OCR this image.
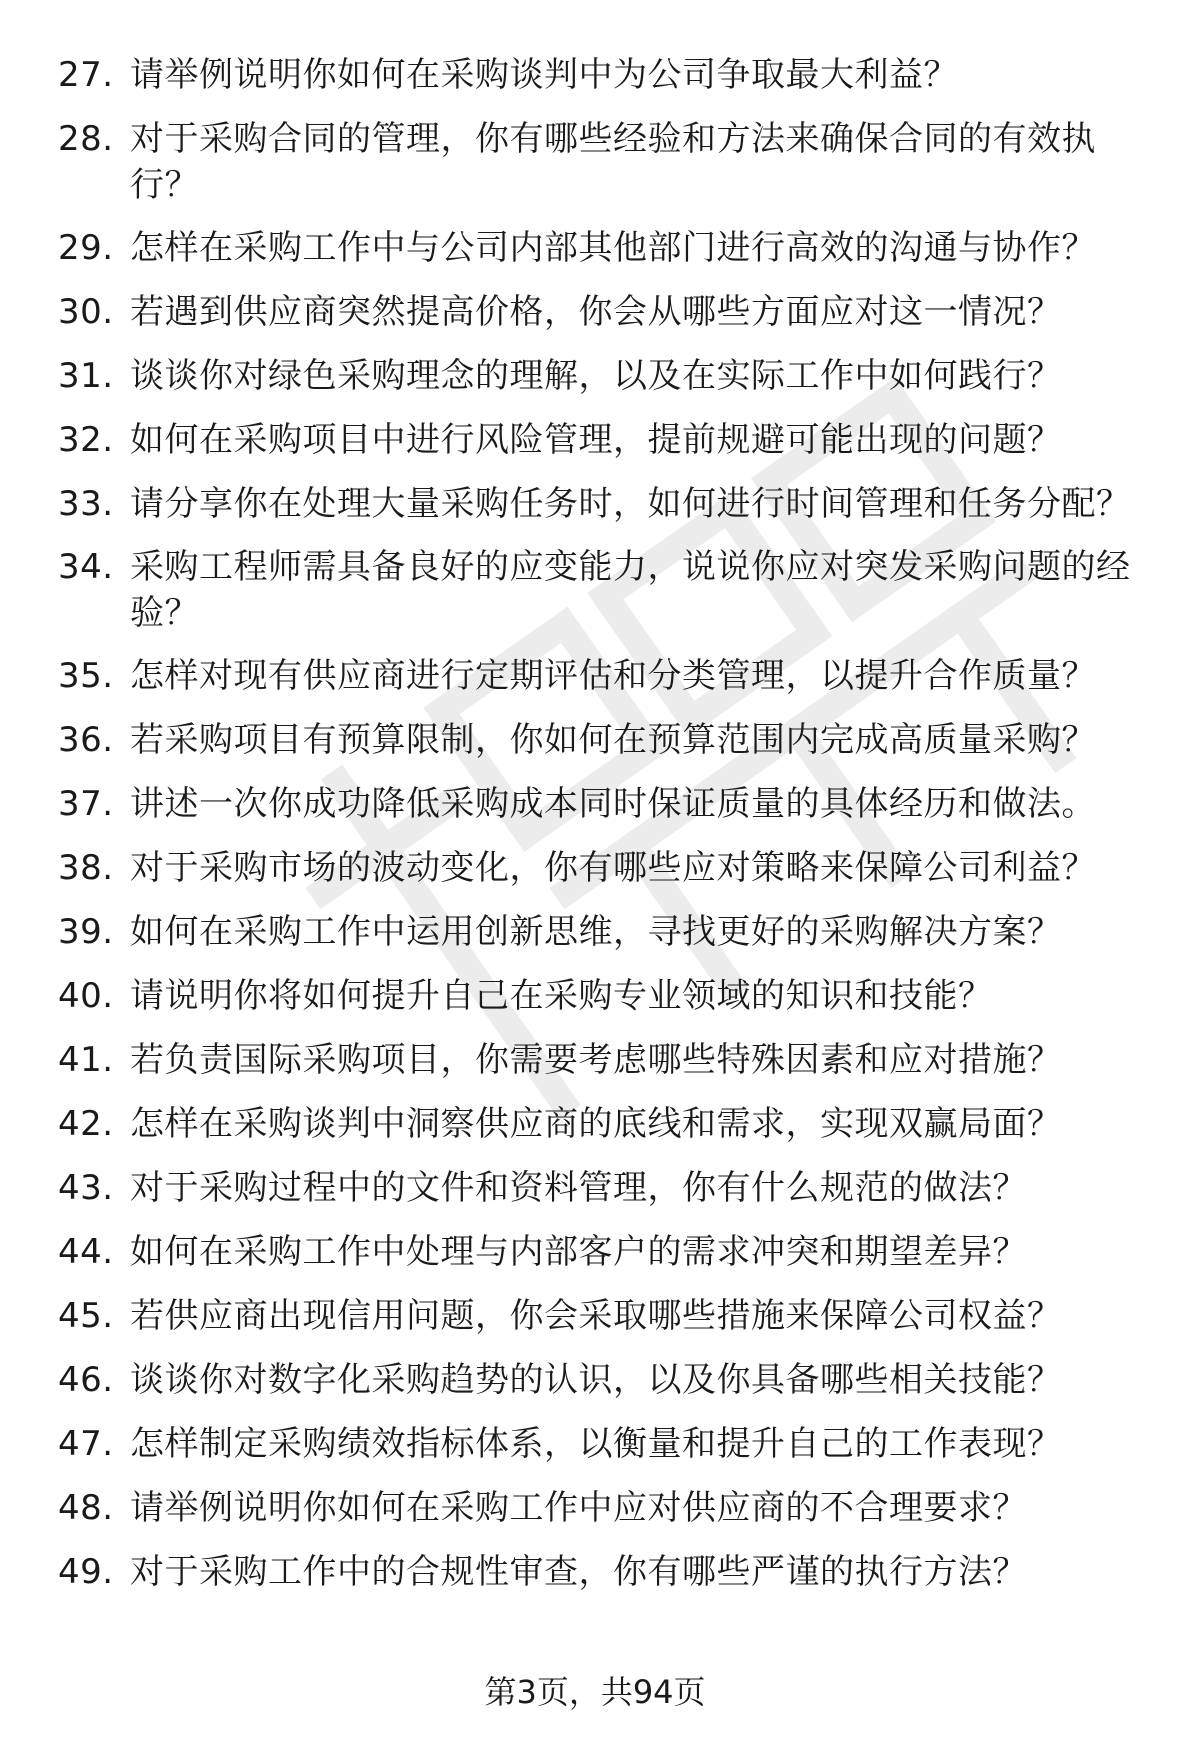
27. 请举例说明你如何在采购谈判中为公司争取最大利益？
28. 对于采购合同的管理，你有哪些经验和方法来确保合同的有效执行？
29. 怎样在采购工作中与公司内部其他部门进行高效的沟通与协作？
30. 若遇到供应商突然提高价格，你会从哪些方面应对这一情况？
31. 谈谈你对绿色采购理念的理解，以及在实际工作中如何践行？
32. 如何在采购项目中进行风险管理，提前规避可能出现的问题？
33. 请分享你在处理大量采购任务时，如何进行时间管理和任务分配？
34. 采购工程师需具备良好的应变能力，说说你应对突发采购问题的经验？
35. 怎样对现有供应商进行定期评估和分类管理，以提升合作质量？
36. 若采购项目有预算限制，你如何在预算范围内完成高质量采购？
37. 讲述一次你成功降低采购成本同时保证质量的具体经历和做法。
38. 对于采购市场的波动变化，你有哪些应对策略来保障公司利益？
39. 如何在采购工作中运用创新思维，寻找更好的采购解决方案？
40. 请说明你将如何提升自己在采购专业领域的知识和技能？
41. 若负责国际采购项目，你需要考虑哪些特殊因素和应对措施？
42. 怎样在采购谈判中洞察供应商的底线和需求，实现双赢局面？
43. 对于采购过程中的文件和资料管理，你有什么规范的做法？
44. 如何在采购工作中处理与内部客户的需求冲突和期望差异？
45. 若供应商出现信用问题，你会采取哪些措施来保障公司权益？
46. 谈谈你对数字化采购趋势的认识，以及你具备哪些相关技能？
47. 怎样制定采购绩效指标体系，以衡量和提升自己的工作表现？
48. 请举例说明你如何在采购工作中应对供应商的不合理要求？
49. 对于采购工作中的合规性审查，你有哪些严谨的执行方法？
第3页，共94页
